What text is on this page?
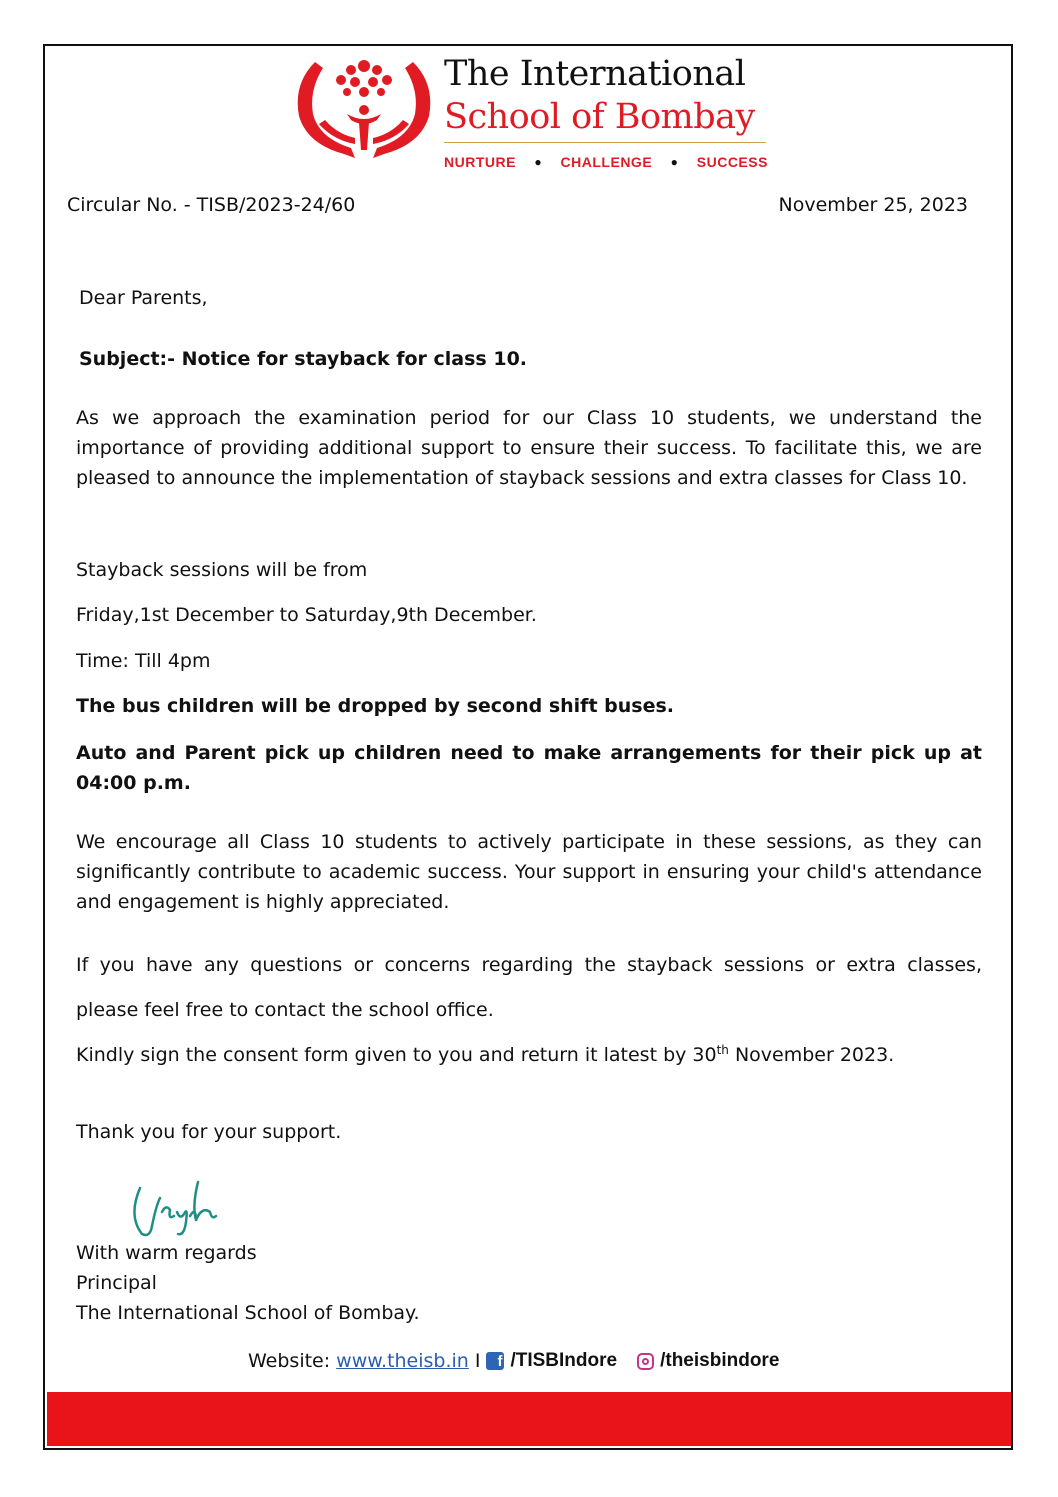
The International
School of Bombay
NURTURE ● CHALLENGE ● SUCCESS
Circular No. - TISB/2023-24/60	November 25, 2023
Dear Parents,
Subject:- Notice for stayback for class 10.
As we approach the examination period for our Class 10 students, we understand the importance of providing additional support to ensure their success. To facilitate this, we are pleased to announce the implementation of stayback sessions and extra classes for Class 10.
Stayback sessions will be from
Friday,1st December to Saturday,9th December.
Time: Till 4pm
The bus children will be dropped by second shift buses.
Auto and Parent pick up children need to make arrangements for their pick up at 04:00 p.m.
We encourage all Class 10 students to actively participate in these sessions, as they can significantly contribute to academic success. Your support in ensuring your child's attendance and engagement is highly appreciated.
If you have any questions or concerns regarding the stayback sessions or extra classes,
please feel free to contact the school office.
Kindly sign the consent form given to you and return it latest by 30th November 2023.
Thank you for your support.
With warm regards
Principal
The International School of Bombay.
Website: www.theisb.in I	f /TISBIndore /theisbindore
